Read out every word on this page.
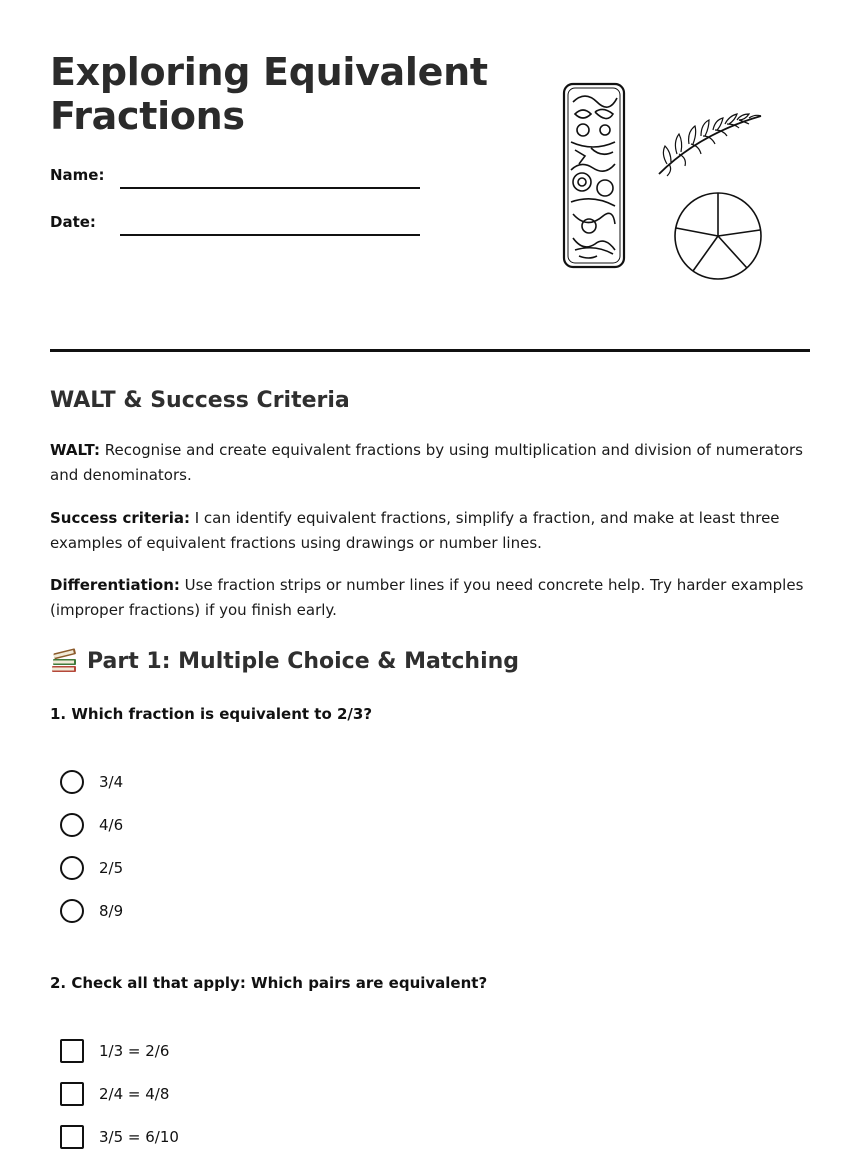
Exploring Equivalent
Fractions
Name:
Date:
WALT & Success Criteria

WALT: Recognise and create equivalent fractions by using multiplication and division of numerators and denominators.

Success criteria: I can identify equivalent fractions, simplify a fraction, and make at least three examples of equivalent fractions using drawings or number lines.

Differentiation: Use fraction strips or number lines if you need concrete help. Try harder examples (improper fractions) if you finish early.

Part 1: Multiple Choice & Matching

1. Which fraction is equivalent to 2/3?

3/4
4/6
2/5
8/9

2. Check all that apply: Which pairs are equivalent?

1/3 = 2/6
2/4 = 4/8
3/5 = 6/10
